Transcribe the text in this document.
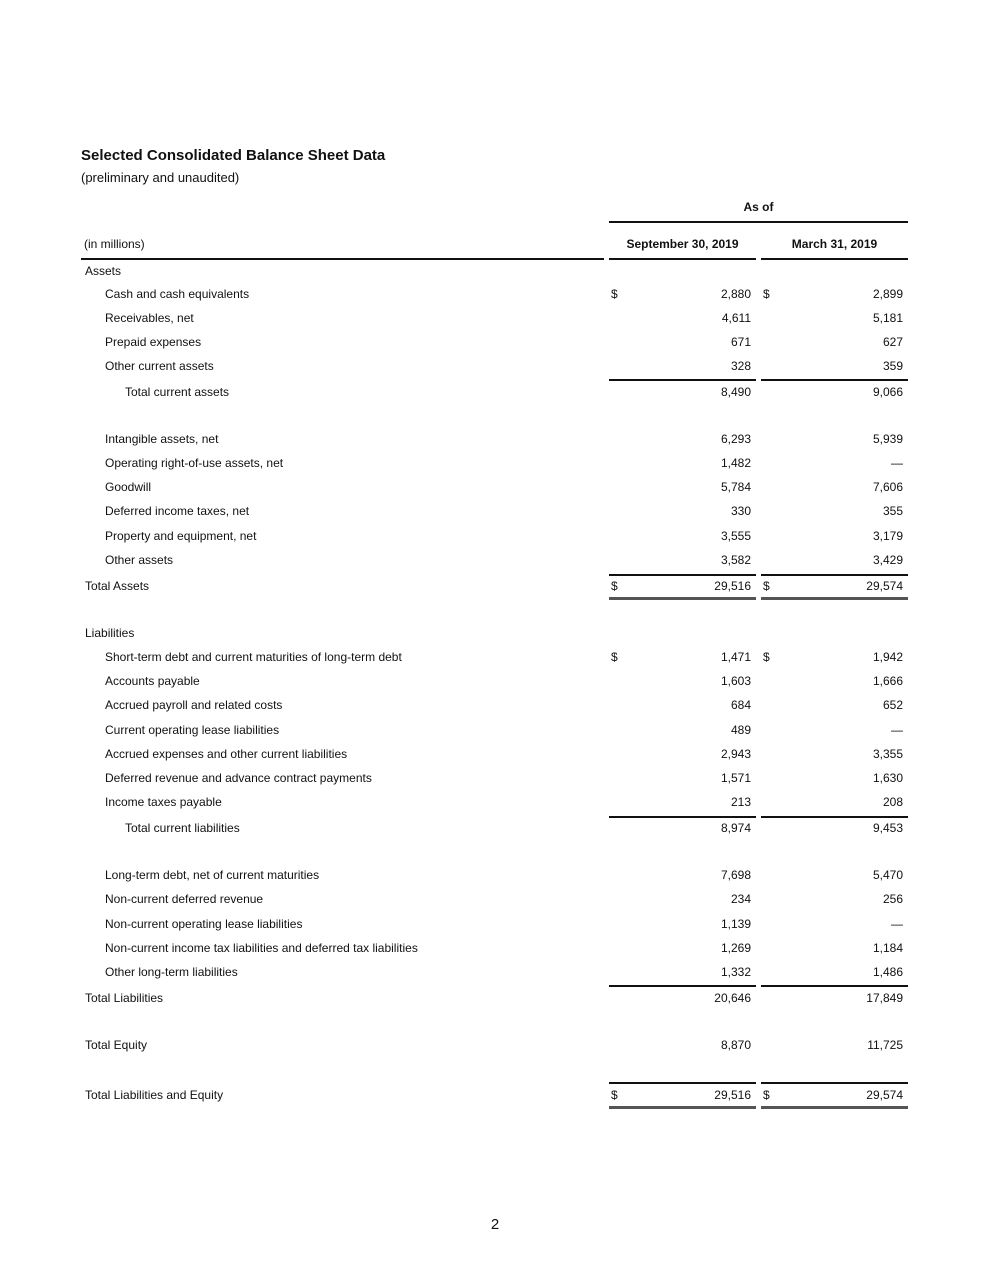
Selected Consolidated Balance Sheet Data
(preliminary and unaudited)
As of
(in millions)	September 30, 2019	March 31, 2019
Assets
Cash and cash equivalents	$	2,880 $	2,899
Receivables, net	4,611	5,181
Prepaid expenses	671	627
Other current assets	328	359
Total current assets	8,490	9,066
Intangible assets, net	6,293	5,939
Operating right-of-use assets, net	1,482	—
Goodwill	5,784	7,606
Deferred income taxes, net	330	355
Property and equipment, net	3,555	3,179
Other assets	3,582	3,429
Total Assets	$	29,516 $	29,574
Liabilities
Short-term debt and current maturities of long-term debt	$	1,471 $	1,942
Accounts payable	1,603	1,666
Accrued payroll and related costs	684	652
Current operating lease liabilities	489	—
Accrued expenses and other current liabilities	2,943	3,355
Deferred revenue and advance contract payments	1,571	1,630
Income taxes payable	213	208
Total current liabilities	8,974	9,453
Long-term debt, net of current maturities	7,698	5,470
Non-current deferred revenue	234	256
Non-current operating lease liabilities	1,139	—
Non-current income tax liabilities and deferred tax liabilities	1,269	1,184
Other long-term liabilities	1,332	1,486
Total Liabilities	20,646	17,849
Total Equity	8,870	11,725
Total Liabilities and Equity	$	29,516 $	29,574
2
